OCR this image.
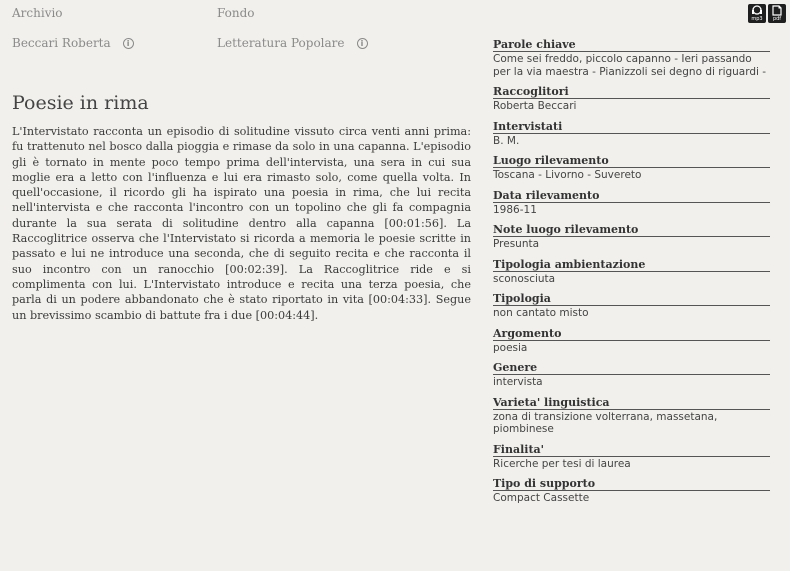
Archivio	Fondo
Beccari Roberta	i	Letteratura Popolare	i
mp3 pdf
Poesie in rima

L'Intervistato racconta un episodio di solitudine vissuto circa venti anni prima: fu trattenuto nel bosco dalla pioggia e rimase da solo in una capanna. L'episodio gli è tornato in mente poco tempo prima dell'intervista, una sera in cui sua moglie era a letto con l'influenza e lui era rimasto solo, come quella volta. In quell'occasione, il ricordo gli ha ispirato una poesia in rima, che lui recita nell'intervista e che racconta l'incontro con un topolino che gli fa compagnia durante la sua serata di solitudine dentro alla capanna [00:01:56]. La Raccoglitrice osserva che l'Intervistato si ricorda a memoria le poesie scritte in passato e lui ne introduce una seconda, che di seguito recita e che racconta il suo incontro con un ranocchio [00:02:39]. La Raccoglitrice ride e si complimenta con lui. L'Intervistato introduce e recita una terza poesia, che parla di un podere abbandonato che è stato riportato in vita [00:04:33]. Segue un brevissimo scambio di battute fra i due [00:04:44].

Parole chiave
Come sei freddo, piccolo capanno - Ieri passando per la via maestra - Pianizzoli sei degno di riguardi -
Raccoglitori
Roberta Beccari
Intervistati
B. M.
Luogo rilevamento
Toscana - Livorno - Suvereto
Data rilevamento
1986-11
Note luogo rilevamento
Presunta
Tipologia ambientazione
sconosciuta
Tipologia
non cantato misto
Argomento
poesia
Genere
intervista
Varieta' linguistica
zona di transizione volterrana, massetana, piombinese
Finalita'
Ricerche per tesi di laurea
Tipo di supporto
Compact Cassette
